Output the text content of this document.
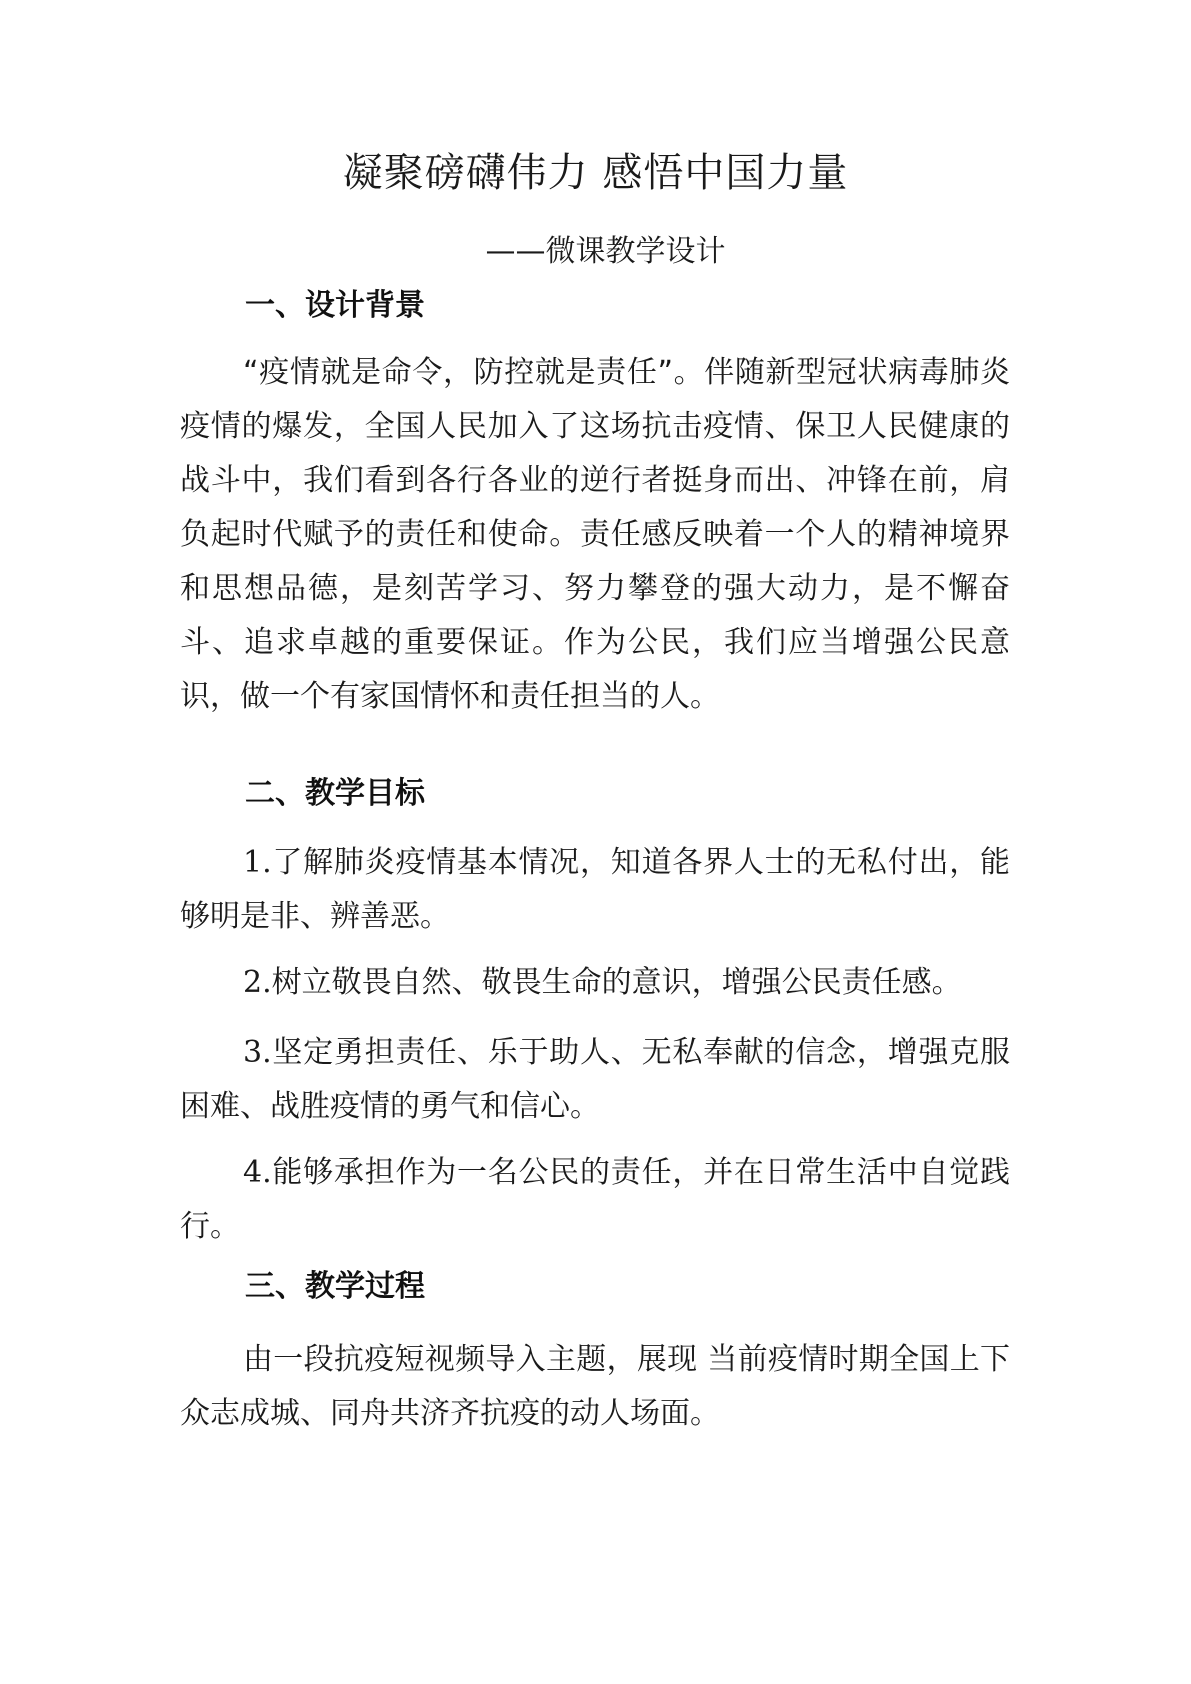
凝聚磅礴伟力 感悟中国力量
——微课教学设计
一、设计背景

“疫情就是命令，防控就是责任”。伴随新型冠状病毒肺炎疫情的爆发，全国人民加入了这场抗击疫情、保卫人民健康的战斗中，我们看到各行各业的逆行者挺身而出、冲锋在前，肩负起时代赋予的责任和使命。责任感反映着一个人的精神境界和思想品德，是刻苦学习、努力攀登的强大动力，是不懈奋斗、追求卓越的重要保证。作为公民，我们应当增强公民意识，做一个有家国情怀和责任担当的人。

二、教学目标

1.了解肺炎疫情基本情况，知道各界人士的无私付出，能够明是非、辨善恶。

2.树立敬畏自然、敬畏生命的意识，增强公民责任感。

3.坚定勇担责任、乐于助人、无私奉献的信念，增强克服困难、战胜疫情的勇气和信心。

4.能够承担作为一名公民的责任，并在日常生活中自觉践行。

三、教学过程

由一段抗疫短视频导入主题，展现 当前疫情时期全国上下众志成城、同舟共济齐抗疫的动人场面。
